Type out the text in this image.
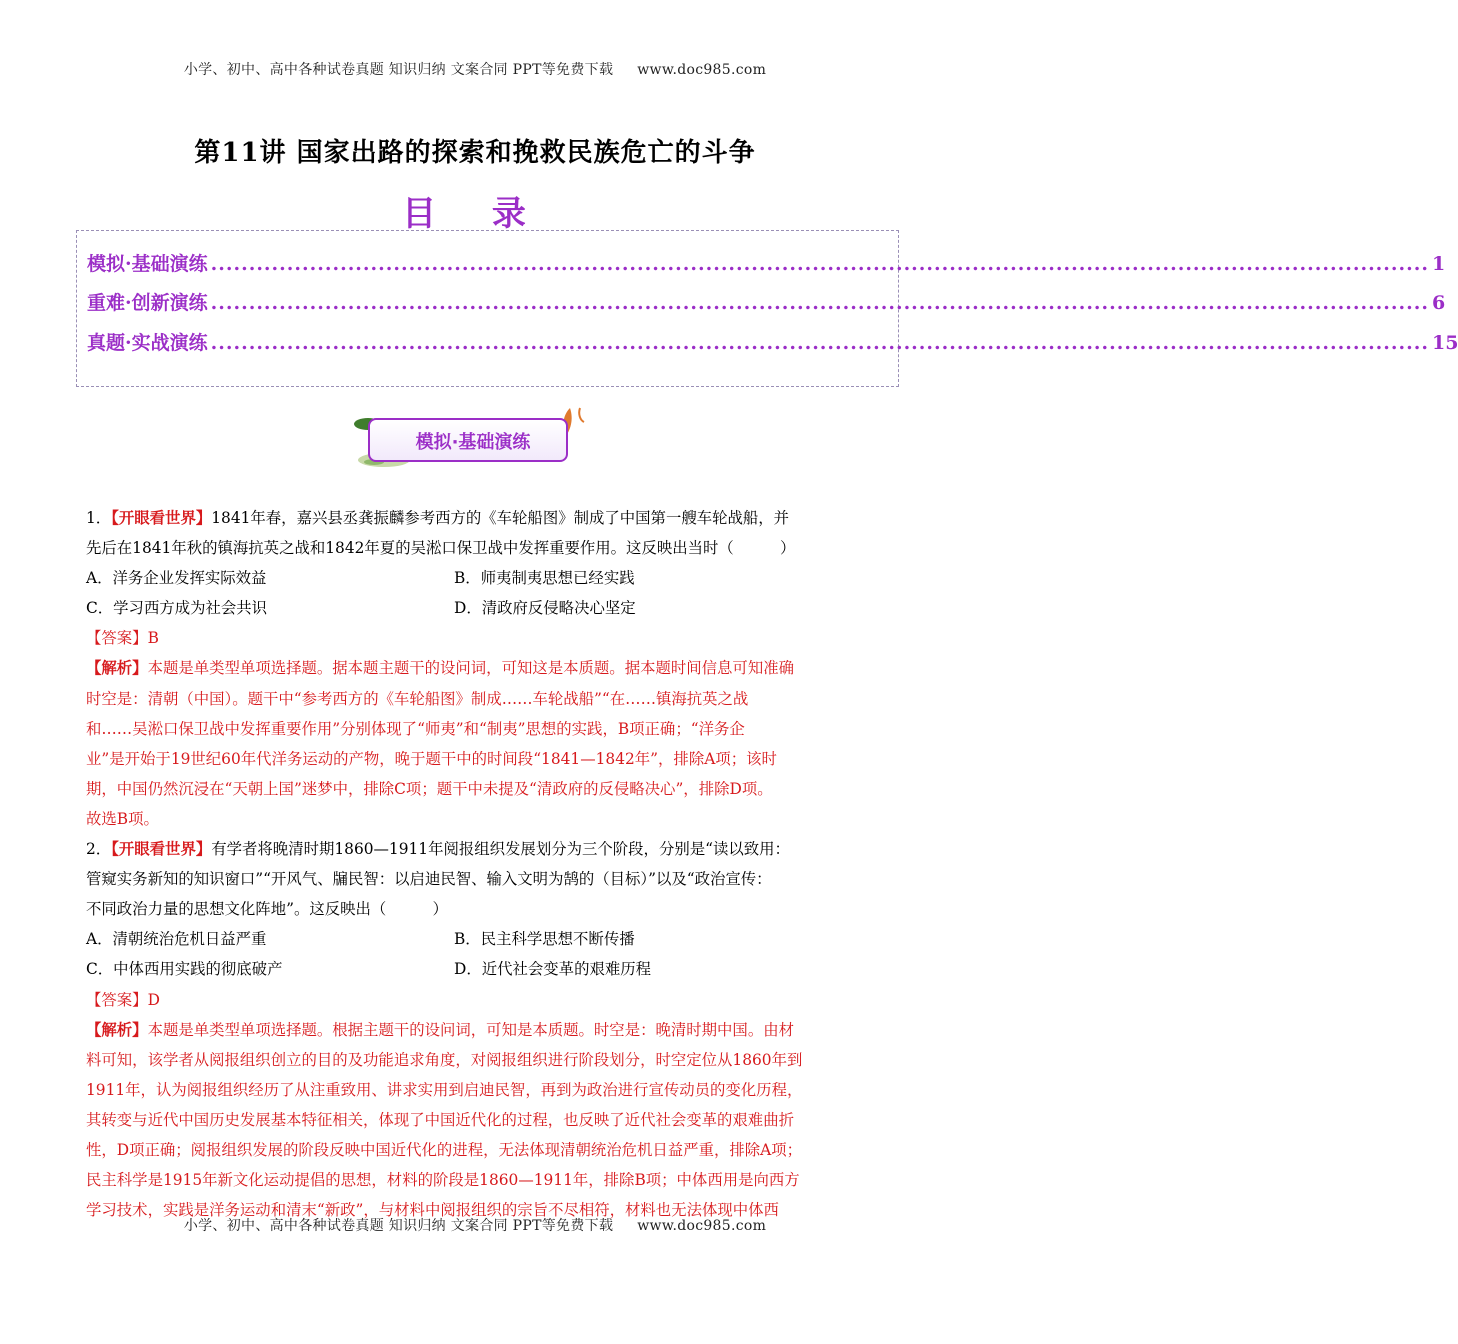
小学、初中、高中各种试卷真题 知识归纳 文案合同 PPT等免费下载 www.doc985.com
第11讲 国家出路的探索和挽救民族危亡的斗争
目 录
模拟·基础演练 ................................................................................................................................................................ 1
重难·创新演练 ................................................................................................................................................................ 6
真题·实战演练 ................................................................................................................................................................ 15
模拟·基础演练
1．【开眼看世界】1841年春，嘉兴县丞龚振麟参考西方的《车轮船图》制成了中国第一艘车轮战船，并
先后在1841年秋的镇海抗英之战和1842年夏的吴淞口保卫战中发挥重要作用。这反映出当时（　　　）
A．洋务企业发挥实际效益	B．师夷制夷思想已经实践
C．学习西方成为社会共识	D．清政府反侵略决心坚定
【答案】B
【解析】本题是单类型单项选择题。据本题主题干的设问词，可知这是本质题。据本题时间信息可知准确
时空是：清朝（中国）。题干中“参考西方的《车轮船图》制成……车轮战船”“在……镇海抗英之战
和……吴淞口保卫战中发挥重要作用”分别体现了“师夷”和“制夷”思想的实践，B项正确；“洋务企
业”是开始于19世纪60年代洋务运动的产物，晚于题干中的时间段“1841—1842年”，排除A项；该时
期，中国仍然沉浸在“天朝上国”迷梦中，排除C项；题干中未提及“清政府的反侵略决心”，排除D项。
故选B项。
2．【开眼看世界】有学者将晚清时期1860—1911年阅报组织发展划分为三个阶段，分别是“读以致用：
管窥实务新知的知识窗口”“开风气、牖民智：以启迪民智、输入文明为鹄的（目标）”以及“政治宣传：
不同政治力量的思想文化阵地”。这反映出（　　　）
A．清朝统治危机日益严重	B．民主科学思想不断传播
C．中体西用实践的彻底破产	D．近代社会变革的艰难历程
【答案】D
【解析】本题是单类型单项选择题。根据主题干的设问词，可知是本质题。时空是：晚清时期中国。由材
料可知，该学者从阅报组织创立的目的及功能追求角度，对阅报组织进行阶段划分，时空定位从1860年到
1911年，认为阅报组织经历了从注重致用、讲求实用到启迪民智，再到为政治进行宣传动员的变化历程，
其转变与近代中国历史发展基本特征相关，体现了中国近代化的过程，也反映了近代社会变革的艰难曲折
性，D项正确；阅报组织发展的阶段反映中国近代化的进程，无法体现清朝统治危机日益严重，排除A项；
民主科学是1915年新文化运动提倡的思想，材料的阶段是1860—1911年，排除B项；中体西用是向西方
学习技术，实践是洋务运动和清末“新政”，与材料中阅报组织的宗旨不尽相符，材料也无法体现中体西
小学、初中、高中各种试卷真题 知识归纳 文案合同 PPT等免费下载 www.doc985.com
